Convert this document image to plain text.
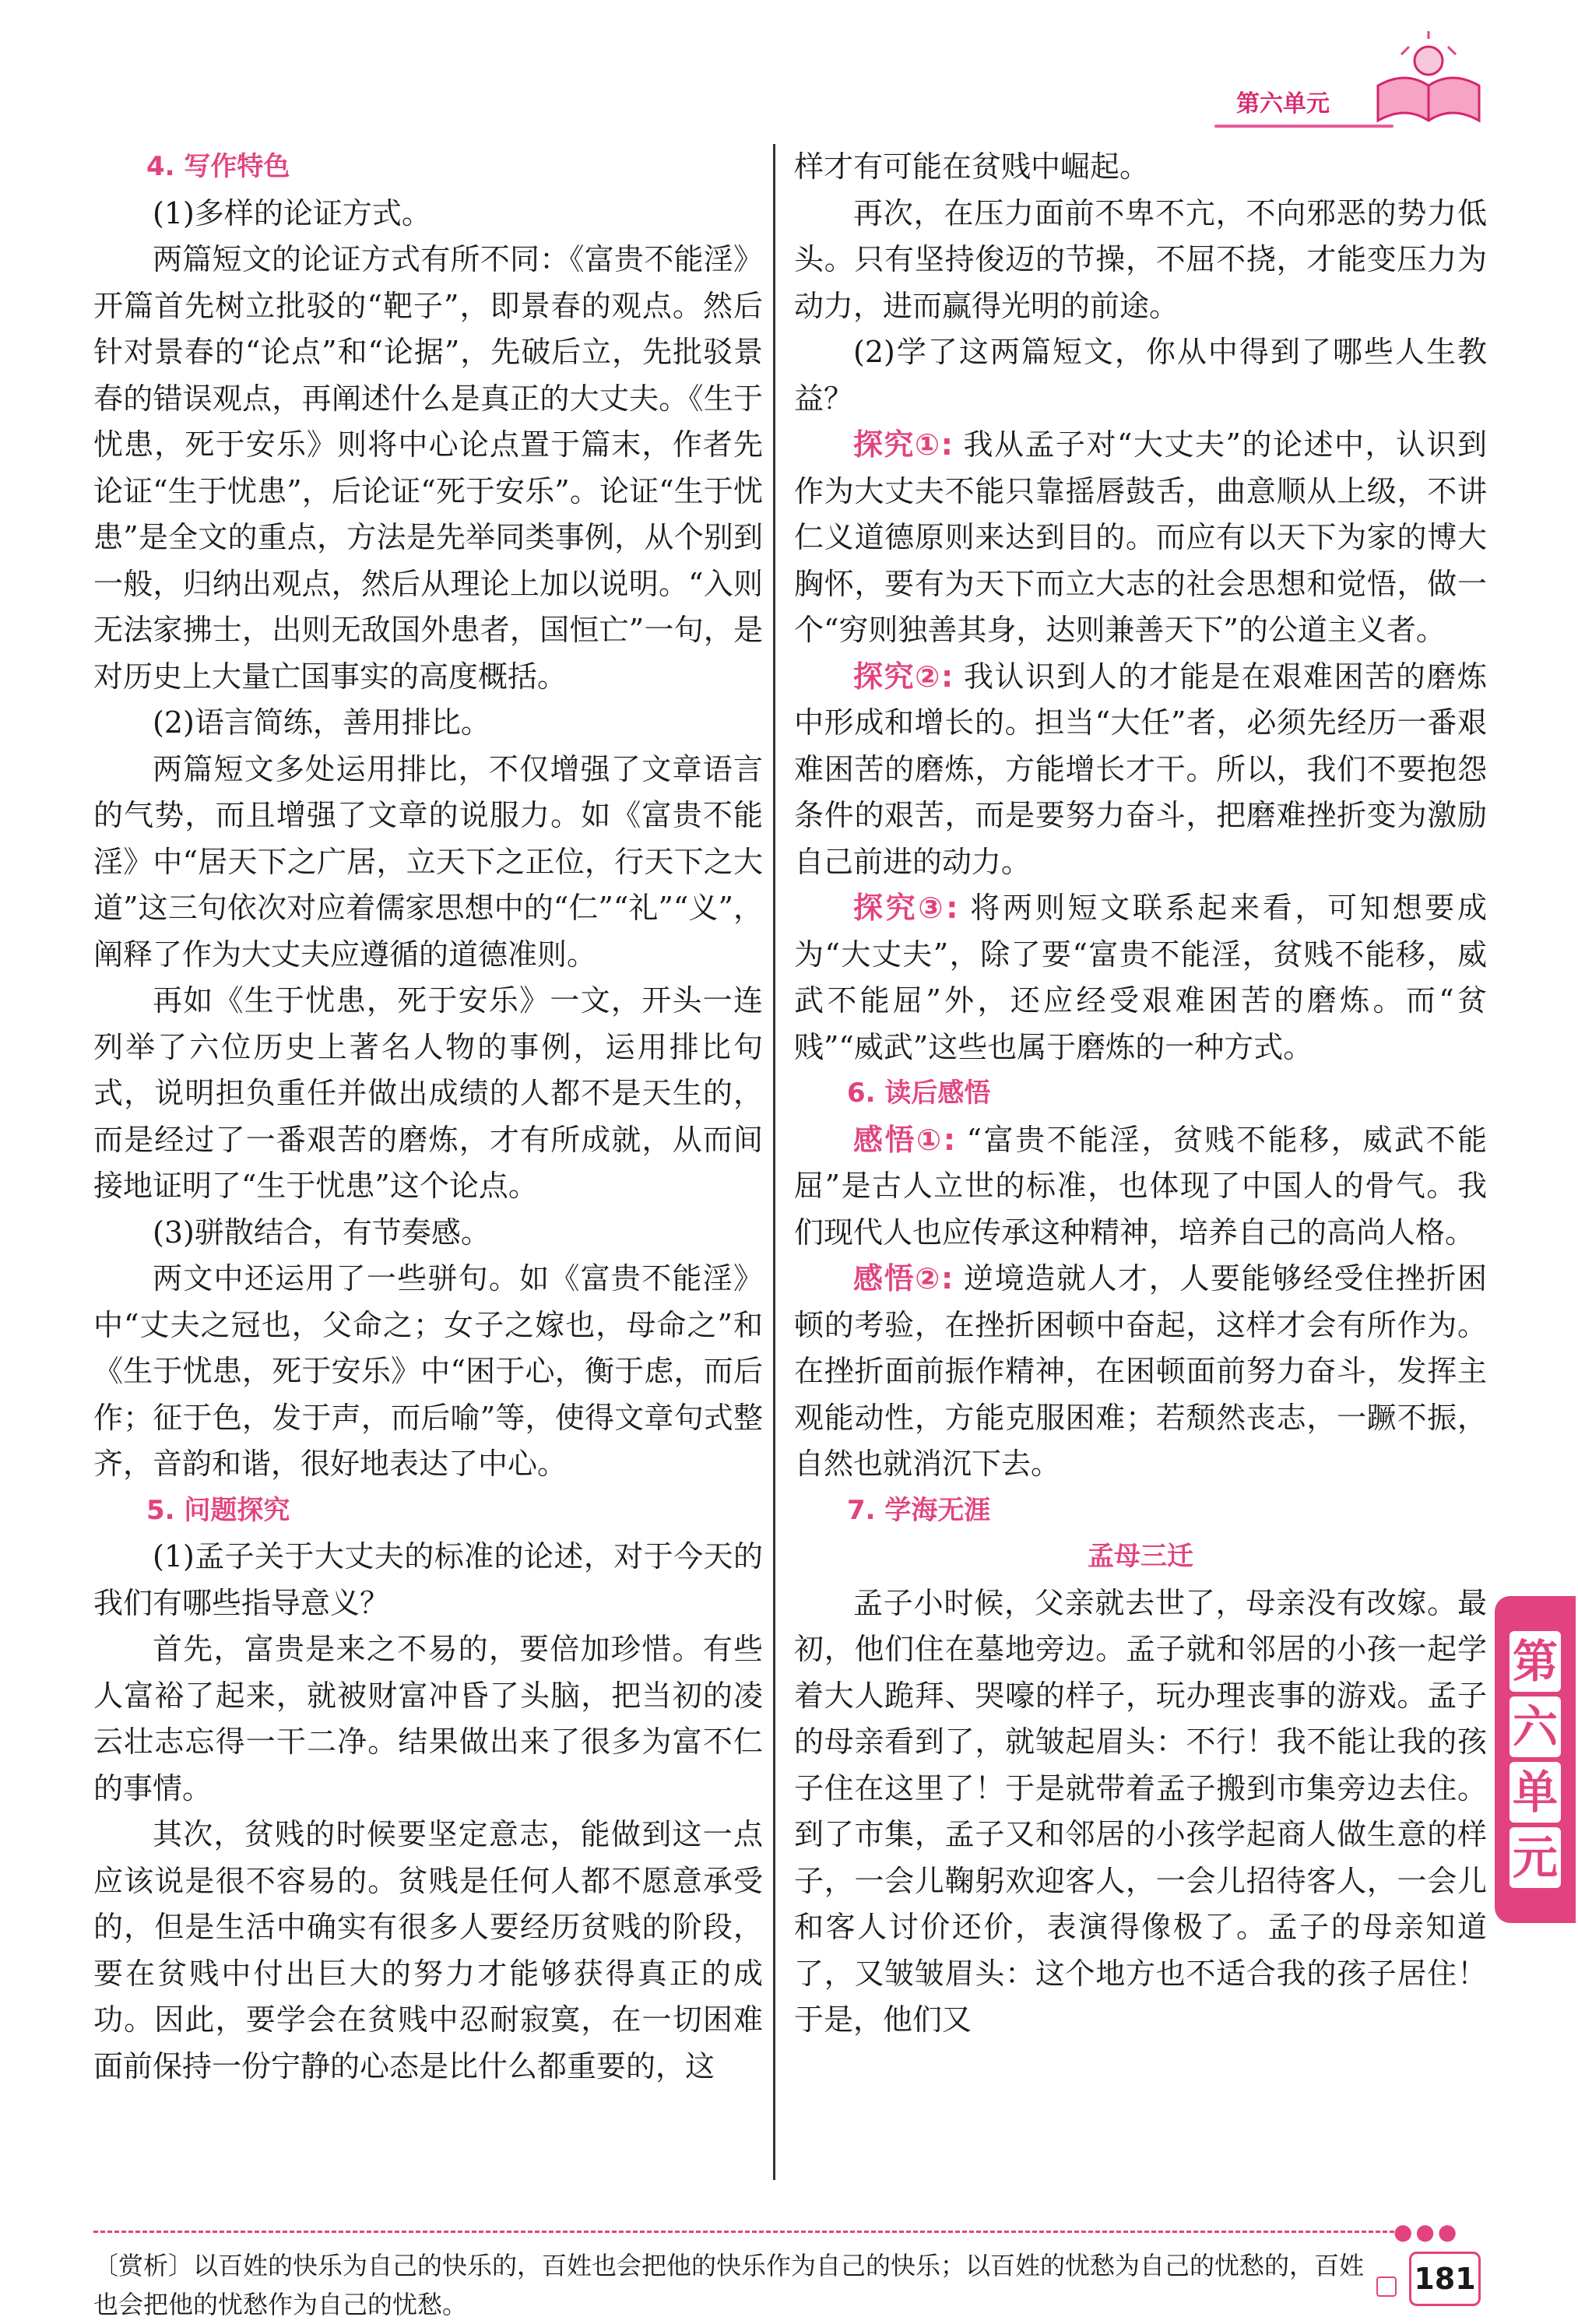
第六单元

4. 写作特色

(1)多样的论证方式。

两篇短文的论证方式有所不同：《富贵不能淫》开篇首先树立批驳的“靶子”，即景春的观点。然后针对景春的“论点”和“论据”，先破后立，先批驳景春的错误观点，再阐述什么是真正的大丈夫。《生于忧患，死于安乐》则将中心论点置于篇末，作者先论证“生于忧患”，后论证“死于安乐”。论证“生于忧患”是全文的重点，方法是先举同类事例，从个别到一般，归纳出观点，然后从理论上加以说明。“入则无法家拂士，出则无敌国外患者，国恒亡”一句，是对历史上大量亡国事实的高度概括。

(2)语言简练，善用排比。

两篇短文多处运用排比，不仅增强了文章语言的气势，而且增强了文章的说服力。如《富贵不能淫》中“居天下之广居，立天下之正位，行天下之大道”这三句依次对应着儒家思想中的“仁”“礼”“义”，阐释了作为大丈夫应遵循的道德准则。

再如《生于忧患，死于安乐》一文，开头一连列举了六位历史上著名人物的事例，运用排比句式，说明担负重任并做出成绩的人都不是天生的，而是经过了一番艰苦的磨炼，才有所成就，从而间接地证明了“生于忧患”这个论点。

(3)骈散结合，有节奏感。

两文中还运用了一些骈句。如《富贵不能淫》中“丈夫之冠也，父命之；女子之嫁也，母命之”和《生于忧患，死于安乐》中“困于心，衡于虑，而后作；征于色，发于声，而后喻”等，使得文章句式整齐，音韵和谐，很好地表达了中心。

5. 问题探究

(1)孟子关于大丈夫的标准的论述，对于今天的我们有哪些指导意义？

首先，富贵是来之不易的，要倍加珍惜。有些人富裕了起来，就被财富冲昏了头脑，把当初的凌云壮志忘得一干二净。结果做出来了很多为富不仁的事情。

其次，贫贱的时候要坚定意志，能做到这一点应该说是很不容易的。贫贱是任何人都不愿意承受的，但是生活中确实有很多人要经历贫贱的阶段，要在贫贱中付出巨大的努力才能够获得真正的成功。因此，要学会在贫贱中忍耐寂寞，在一切困难面前保持一份宁静的心态是比什么都重要的，这

样才有可能在贫贱中崛起。

再次，在压力面前不卑不亢，不向邪恶的势力低头。只有坚持俊迈的节操，不屈不挠，才能变压力为动力，进而赢得光明的前途。

(2)学了这两篇短文，你从中得到了哪些人生教益？

探究①: 我从孟子对“大丈夫”的论述中，认识到作为大丈夫不能只靠摇唇鼓舌，曲意顺从上级，不讲仁义道德原则来达到目的。而应有以天下为家的博大胸怀，要有为天下而立大志的社会思想和觉悟，做一个“穷则独善其身，达则兼善天下”的公道主义者。

探究②: 我认识到人的才能是在艰难困苦的磨炼中形成和增长的。担当“大任”者，必须先经历一番艰难困苦的磨炼，方能增长才干。所以，我们不要抱怨条件的艰苦，而是要努力奋斗，把磨难挫折变为激励自己前进的动力。

探究③: 将两则短文联系起来看，可知想要成为“大丈夫”，除了要“富贵不能淫，贫贱不能移，威武不能屈”外，还应经受艰难困苦的磨炼。而“贫贱”“威武”这些也属于磨炼的一种方式。

6. 读后感悟

感悟①: “富贵不能淫，贫贱不能移，威武不能屈”是古人立世的标准，也体现了中国人的骨气。我们现代人也应传承这种精神，培养自己的高尚人格。

感悟②: 逆境造就人才，人要能够经受住挫折困顿的考验，在挫折困顿中奋起，这样才会有所作为。在挫折面前振作精神，在困顿面前努力奋斗，发挥主观能动性，方能克服困难；若颓然丧志，一蹶不振，自然也就消沉下去。

7. 学海无涯

孟母三迁

孟子小时候，父亲就去世了，母亲没有改嫁。最初，他们住在墓地旁边。孟子就和邻居的小孩一起学着大人跪拜、哭嚎的样子，玩办理丧事的游戏。孟子的母亲看到了，就皱起眉头：不行！我不能让我的孩子住在这里了！于是就带着孟子搬到市集旁边去住。到了市集，孟子又和邻居的小孩学起商人做生意的样子，一会儿鞠躬欢迎客人，一会儿招待客人，一会儿和客人讨价还价，表演得像极了。孟子的母亲知道了，又皱皱眉头：这个地方也不适合我的孩子居住！于是，他们又

第
六
单
元
●●●
〔赏析〕以百姓的快乐为自己的快乐的，百姓也会把他的快乐作为自己的快乐；以百姓的忧愁为自己的忧愁的，百姓也会把他的忧愁作为自己的忧愁。
181
